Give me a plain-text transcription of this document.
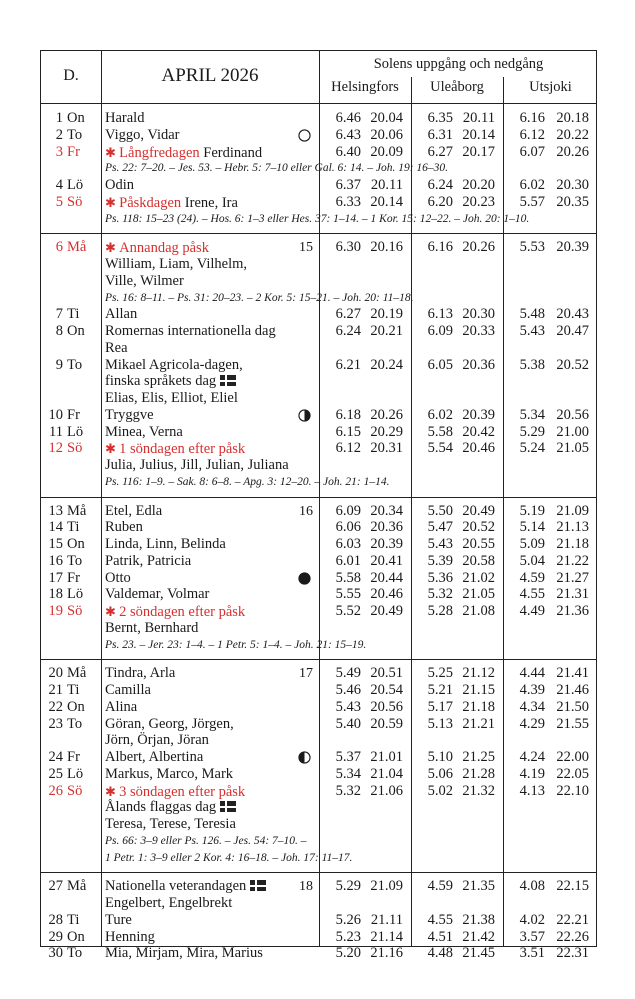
D.	APRIL 2026
Solens uppgång och nedgång
Helsingfors	Uleåborg	Utsjoki
1 On Harald	6.46 20.04	6.35 20.11	6.16 20.18
2 To Viggo, Vidar	6.43 20.06	6.31 20.14	6.12 20.22
3 Fr ✱ Långfredagen Ferdinand	6.40 20.09	6.27 20.17	6.07 20.26
Ps. 22: 7–20. – Jes. 53. – Hebr. 5: 7–10 eller Gal. 6: 14. – Joh. 19: 16–30.
4 Lö Odin	6.37 20.11	6.24 20.20	6.02 20.30
5 Sö ✱ Påskdagen Irene, Ira	6.33 20.14	6.20 20.23	5.57 20.35
Ps. 118: 15–23 (24). – Hos. 6: 1–3 eller Hes. 37: 1–14. – 1 Kor. 15: 12–22. – Joh. 20: 1–10.
6 Må ✱ Annandag påsk	15	6.30 20.16	6.16 20.26	5.53 20.39
William, Liam, Vilhelm,
Ville, Wilmer
Ps. 16: 8–11. – Ps. 31: 20–23. – 2 Kor. 5: 15–21. – Joh. 20: 11–18.
7 Ti Allan	6.27 20.19	6.13 20.30	5.48 20.43
8 On Romernas internationella dag	6.24 20.21	6.09 20.33	5.43 20.47
Rea
9 To Mikael Agricola-dagen,	6.21 20.24	6.05 20.36	5.38 20.52
finska språkets dag
Elias, Elis, Elliot, Eliel
10 Fr Tryggve	6.18 20.26	6.02 20.39	5.34 20.56
11 Lö Minea, Verna	6.15 20.29	5.58 20.42	5.29 21.00
12 Sö ✱ 1 söndagen efter påsk	6.12 20.31	5.54 20.46	5.24 21.05
Julia, Julius, Jill, Julian, Juliana
Ps. 116: 1–9. – Sak. 8: 6–8. – Apg. 3: 12–20. – Joh. 21: 1–14.
13 Må Etel, Edla	16	6.09 20.34	5.50 20.49	5.19 21.09
14 Ti Ruben	6.06 20.36	5.47 20.52	5.14 21.13
15 On Linda, Linn, Belinda	6.03 20.39	5.43 20.55	5.09 21.18
16 To Patrik, Patricia	6.01 20.41	5.39 20.58	5.04 21.22
17 Fr Otto	5.58 20.44	5.36 21.02	4.59 21.27
18 Lö Valdemar, Volmar	5.55 20.46	5.32 21.05	4.55 21.31
19 Sö ✱ 2 söndagen efter påsk	5.52 20.49	5.28 21.08	4.49 21.36
Bernt, Bernhard
Ps. 23. – Jer. 23: 1–4. – 1 Petr. 5: 1–4. – Joh. 21: 15–19.
20 Må Tindra, Arla	17	5.49 20.51	5.25 21.12	4.44 21.41
21 Ti Camilla	5.46 20.54	5.21 21.15	4.39 21.46
22 On Alina	5.43 20.56	5.17 21.18	4.34 21.50
23 To Göran, Georg, Jörgen,	5.40 20.59	5.13 21.21	4.29 21.55
Jörn, Örjan, Jöran
24 Fr Albert, Albertina	5.37 21.01	5.10 21.25	4.24 22.00
25 Lö Markus, Marco, Mark	5.34 21.04	5.06 21.28	4.19 22.05
26 Sö ✱ 3 söndagen efter påsk	5.32 21.06	5.02 21.32	4.13 22.10
Ålands flaggas dag
Teresa, Terese, Teresia
Ps. 66: 3–9 eller Ps. 126. – Jes. 54: 7–10. –
1 Petr. 1: 3–9 eller 2 Kor. 4: 16–18. – Joh. 17: 11–17.
27 Må Nationella veterandagen	18	5.29 21.09	4.59 21.35	4.08 22.15
Engelbert, Engelbrekt
28 Ti Ture	5.26 21.11	4.55 21.38	4.02 22.21
29 On Henning	5.23 21.14	4.51 21.42	3.57 22.26
30 To Mia, Mirjam, Mira, Marius	5.20 21.16	4.48 21.45	3.51 22.31
